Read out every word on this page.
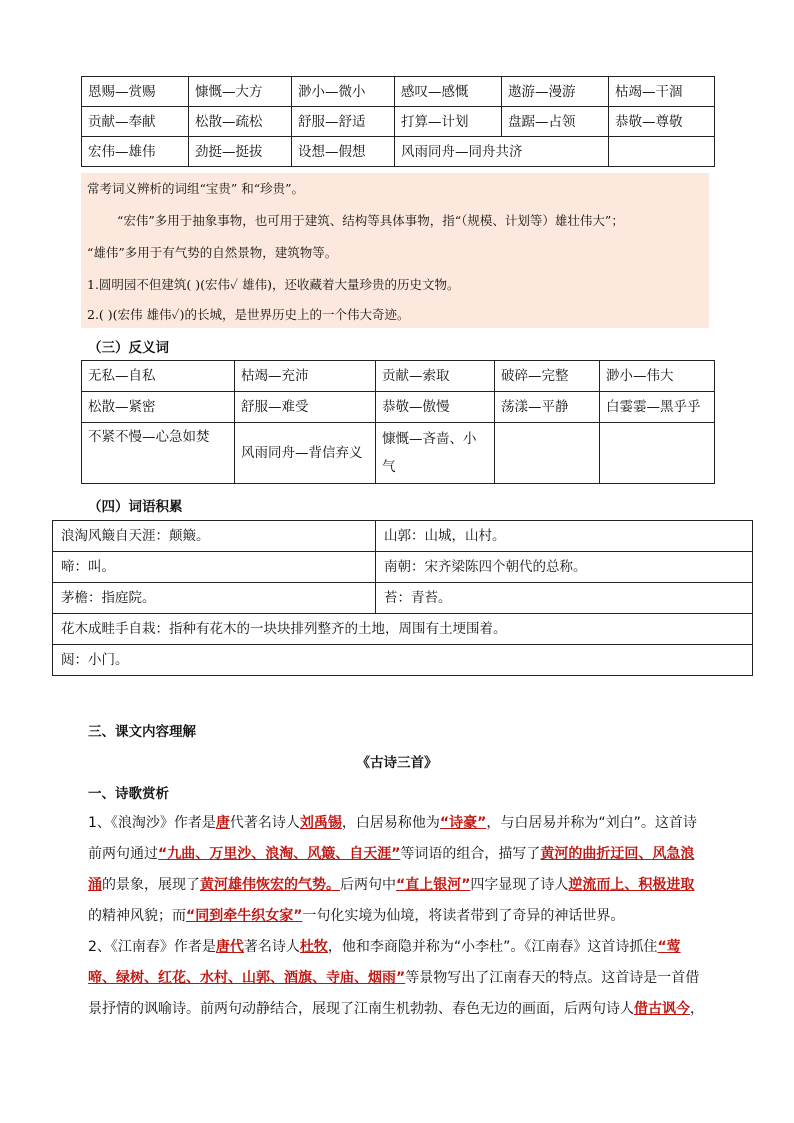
恩赐—赏赐	慷慨—大方	渺小—微小	感叹—感慨	遨游—漫游	枯竭—干涸
贡献—奉献	松散—疏松	舒服—舒适	打算—计划	盘踞—占领	恭敬—尊敬
宏伟—雄伟	劲挺—挺拔	设想—假想	风雨同舟—同舟共济		

常考词义辨析的词组“宝贵” 和“珍贵”。

“宏伟”多用于抽象事物，也可用于建筑、结构等具体事物，指“（规模、计划等）雄壮伟大”；

“雄伟”多用于有气势的自然景物，建筑物等。

1.圆明园不但建筑( )(宏伟✓ 雄伟)，还收藏着大量珍贵的历史文物。

2.( )(宏伟 雄伟✓)的长城，是世界历史上的一个伟大奇迹。

（三）反义词
无私—自私	枯竭—充沛	贡献—索取	破碎—完整	渺小—伟大
松散—紧密	舒服—难受	恭敬—傲慢	荡漾—平静	白霎霎—黑乎乎
不紧不慢—心急如焚	风雨同舟—背信弃义	慷慨—吝啬、小气		
（四）词语积累
浪淘风簸自天涯：颠簸。	山郭：山城，山村。
啼：叫。	南朝：宋齐梁陈四个朝代的总称。
茅檐：指庭院。	苔：青苔。
花木成畦手自栽：指种有花木的一块块排列整齐的土地，周围有土埂围着。	
闼：小门。	
三、课文内容理解
《古诗三首》
一、诗歌赏析
1、《浪淘沙》作者是唐代著名诗人刘禹锡，白居易称他为“诗豪”，与白居易并称为“刘白”。这首诗前两句通过“九曲、万里沙、浪淘、风簸、自天涯”等词语的组合，描写了黄河的曲折迂回、风急浪涌的景象，展现了黄河雄伟恢宏的气势。后两句中“直上银河”四字显现了诗人逆流而上、积极进取的精神风貌；而“同到牵牛织女家”一句化实境为仙境，将读者带到了奇异的神话世界。
2、《江南春》作者是唐代著名诗人杜牧，他和李商隐并称为“小李杜”。《江南春》这首诗抓住“莺啼、绿树、红花、水村、山郭、酒旗、寺庙、烟雨”等景物写出了江南春天的特点。这首诗是一首借景抒情的讽喻诗。前两句动静结合，展现了江南生机勃勃、春色无边的画面，后两句诗人借古讽今，
